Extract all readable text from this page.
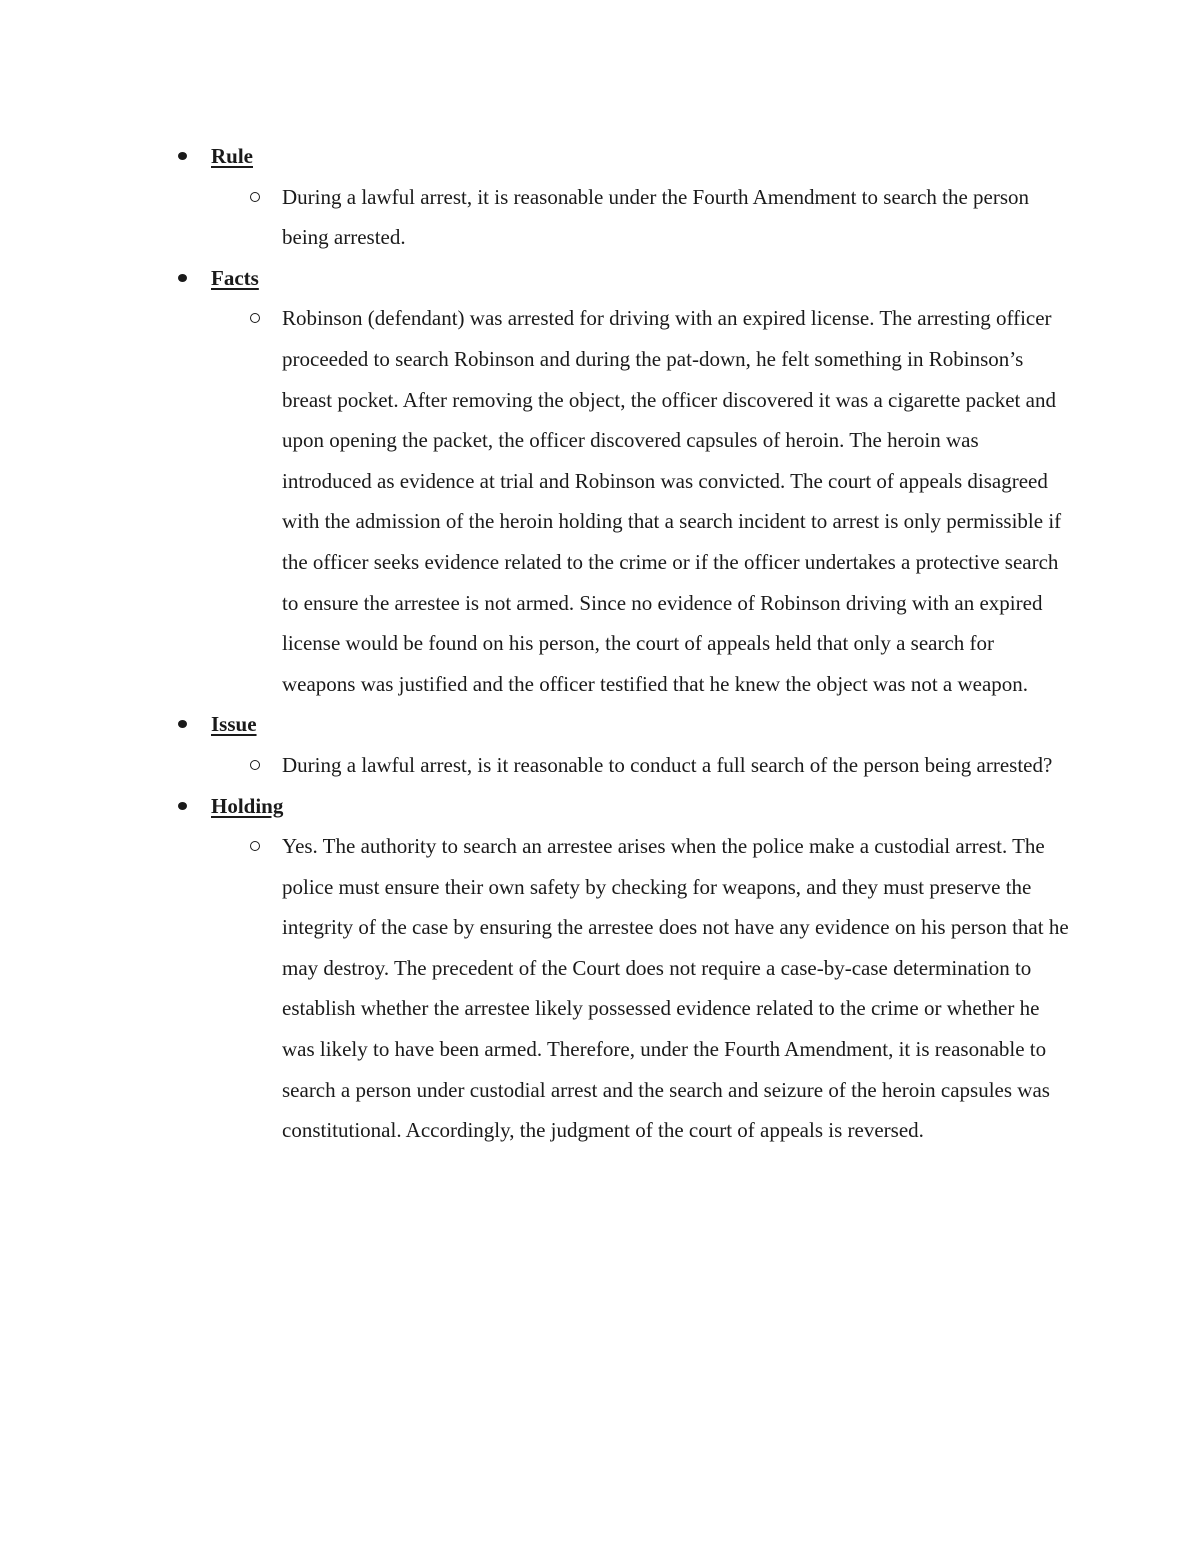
Rule
During a lawful arrest, it is reasonable under the Fourth Amendment to search the person being arrested.
Facts
Robinson (defendant) was arrested for driving with an expired license. The arresting officer proceeded to search Robinson and during the pat-down, he felt something in Robinson’s breast pocket. After removing the object, the officer discovered it was a cigarette packet and upon opening the packet, the officer discovered capsules of heroin. The heroin was introduced as evidence at trial and Robinson was convicted. The court of appeals disagreed with the admission of the heroin holding that a search incident to arrest is only permissible if the officer seeks evidence related to the crime or if the officer undertakes a protective search to ensure the arrestee is not armed. Since no evidence of Robinson driving with an expired license would be found on his person, the court of appeals held that only a search for weapons was justified and the officer testified that he knew the object was not a weapon.
Issue
During a lawful arrest, is it reasonable to conduct a full search of the person being arrested?
Holding
Yes. The authority to search an arrestee arises when the police make a custodial arrest. The police must ensure their own safety by checking for weapons, and they must preserve the integrity of the case by ensuring the arrestee does not have any evidence on his person that he may destroy. The precedent of the Court does not require a case-by-case determination to establish whether the arrestee likely possessed evidence related to the crime or whether he was likely to have been armed. Therefore, under the Fourth Amendment, it is reasonable to search a person under custodial arrest and the search and seizure of the heroin capsules was constitutional. Accordingly, the judgment of the court of appeals is reversed.
